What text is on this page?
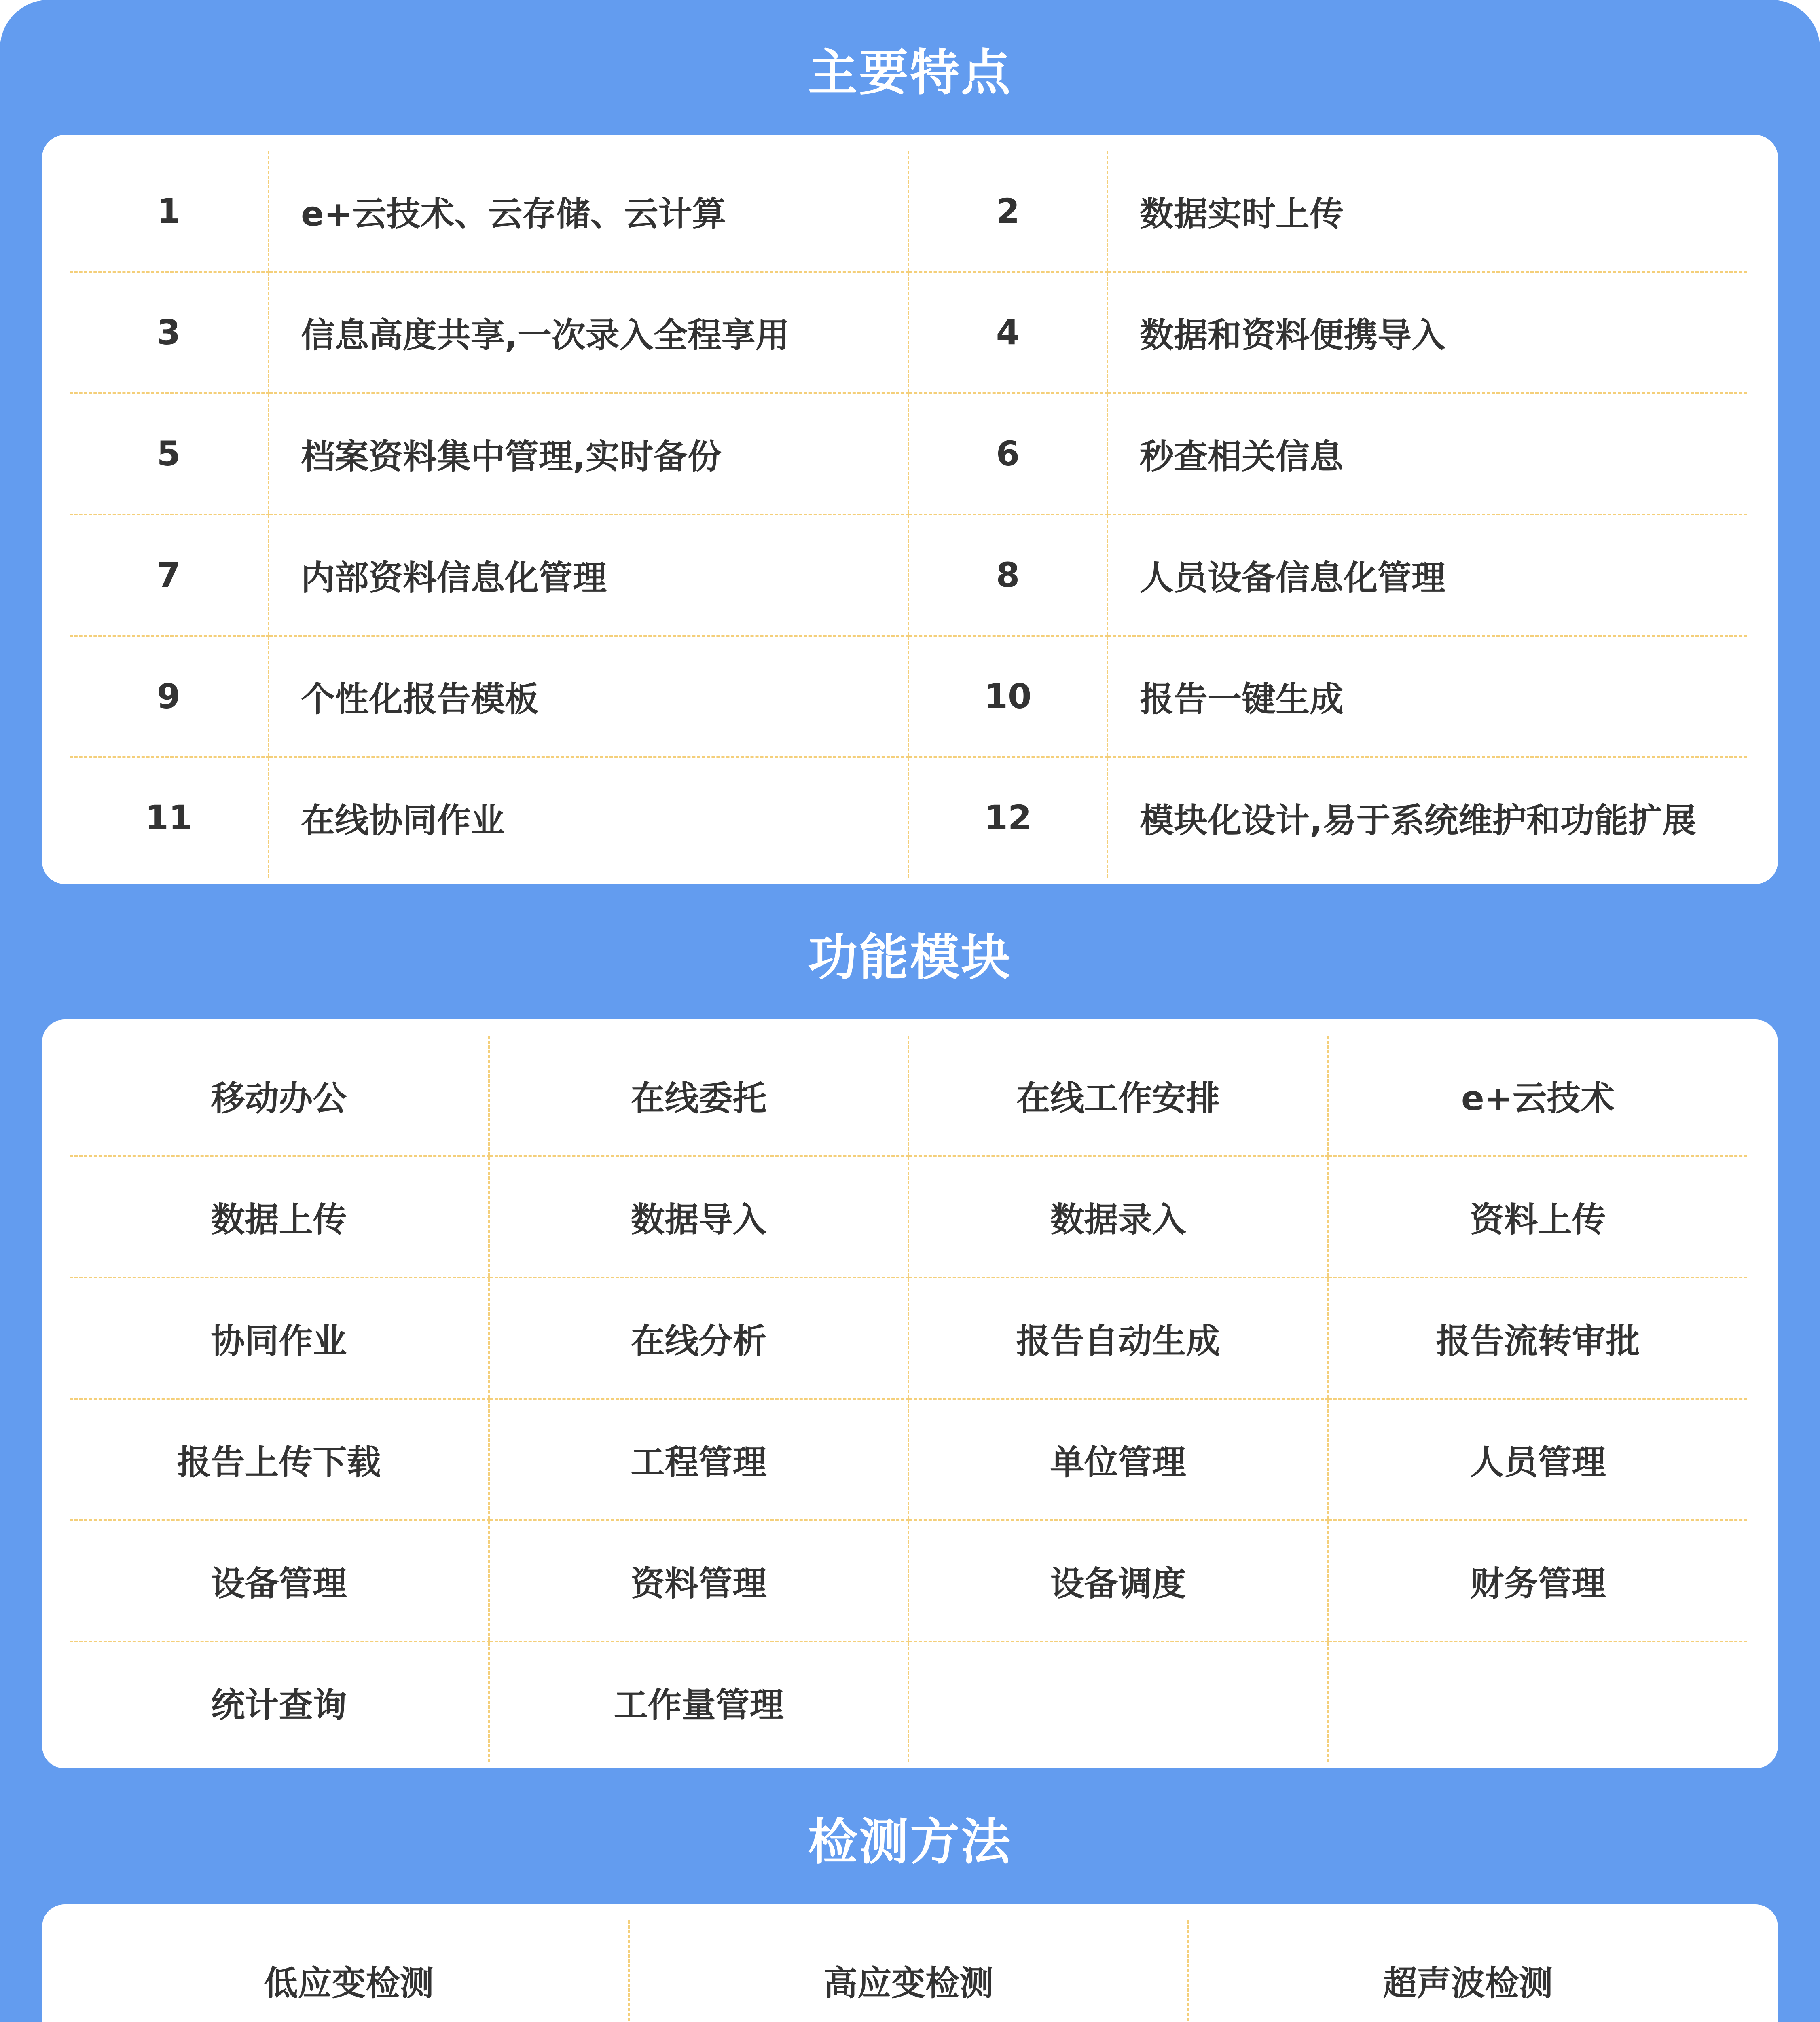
主要特点
1	e+云技术、云存储、云计算	2	数据实时上传
3	信息高度共享,一次录入全程享用	4	数据和资料便携导入
5	档案资料集中管理,实时备份	6	秒查相关信息
7	内部资料信息化管理	8	人员设备信息化管理
9	个性化报告模板	10	报告一键生成
11	在线协同作业	12	模块化设计,易于系统维护和功能扩展
功能模块
移动办公	在线委托	在线工作安排	e+云技术
数据上传	数据导入	数据录入	资料上传
协同作业	在线分析	报告自动生成	报告流转审批
报告上传下载	工程管理	单位管理	人员管理
设备管理	资料管理	设备调度	财务管理
统计查询	工作量管理		
检测方法
低应变检测	高应变检测	超声波检测
